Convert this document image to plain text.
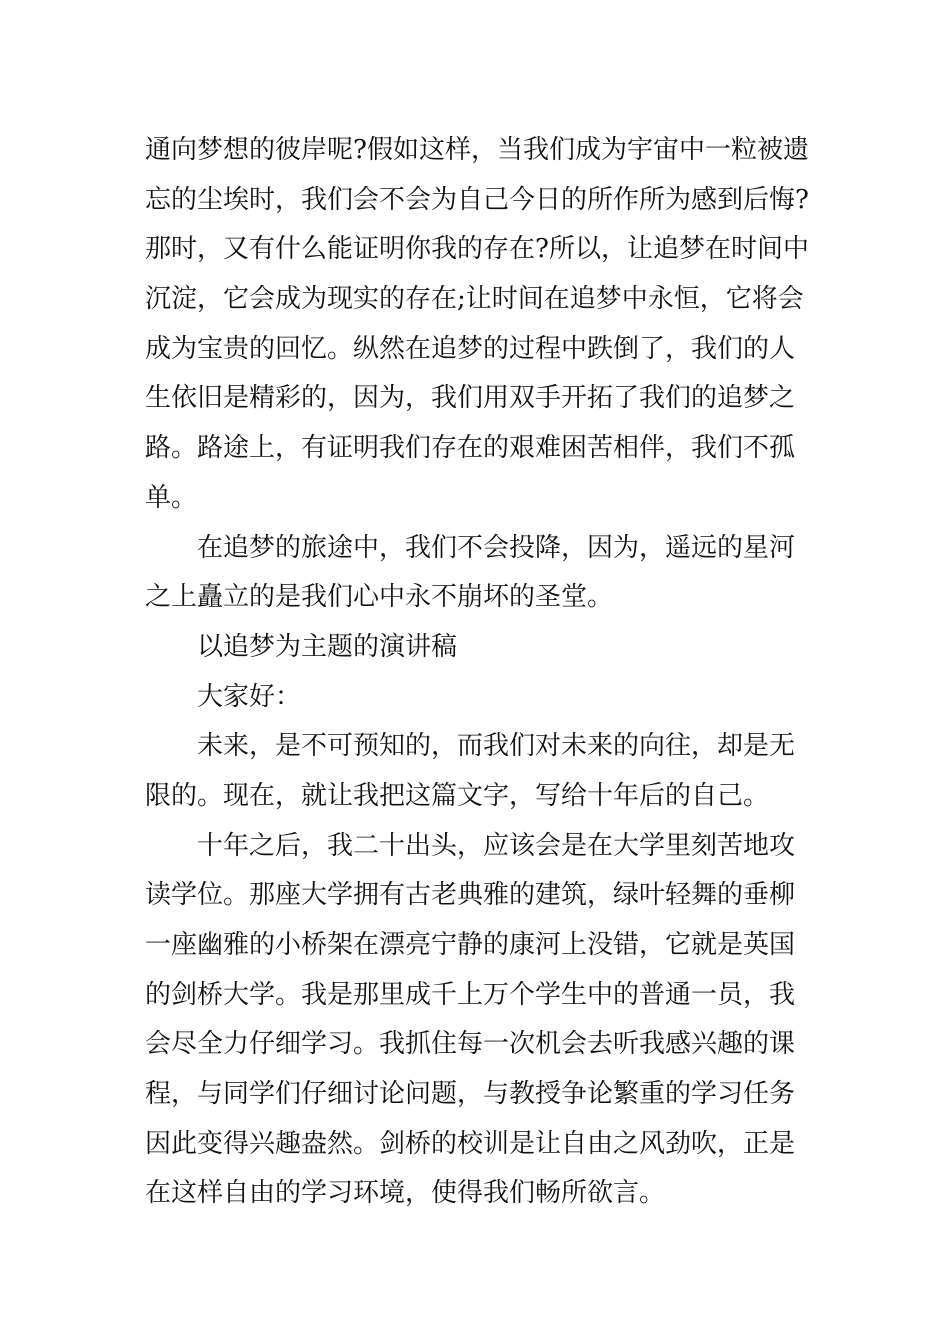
通向梦想的彼岸呢?假如这样，当我们成为宇宙中一粒被遗
忘的尘埃时，我们会不会为自己今日的所作所为感到后悔?
那时，又有什么能证明你我的存在?所以，让追梦在时间中
沉淀，它会成为现实的存在;让时间在追梦中永恒，它将会
成为宝贵的回忆。纵然在追梦的过程中跌倒了，我们的人
生依旧是精彩的，因为，我们用双手开拓了我们的追梦之
路。路途上，有证明我们存在的艰难困苦相伴，我们不孤
单。
　　在追梦的旅途中，我们不会投降，因为，遥远的星河
之上矗立的是我们心中永不崩坏的圣堂。
　　以追梦为主题的演讲稿
　　大家好：
　　未来，是不可预知的，而我们对未来的向往，却是无
限的。现在，就让我把这篇文字，写给十年后的自己。
　　十年之后，我二十出头，应该会是在大学里刻苦地攻
读学位。那座大学拥有古老典雅的建筑，绿叶轻舞的垂柳
一座幽雅的小桥架在漂亮宁静的康河上没错，它就是英国
的剑桥大学。我是那里成千上万个学生中的普通一员，我
会尽全力仔细学习。我抓住每一次机会去听我感兴趣的课
程，与同学们仔细讨论问题，与教授争论繁重的学习任务
因此变得兴趣盎然。剑桥的校训是让自由之风劲吹，正是
在这样自由的学习环境，使得我们畅所欲言。
